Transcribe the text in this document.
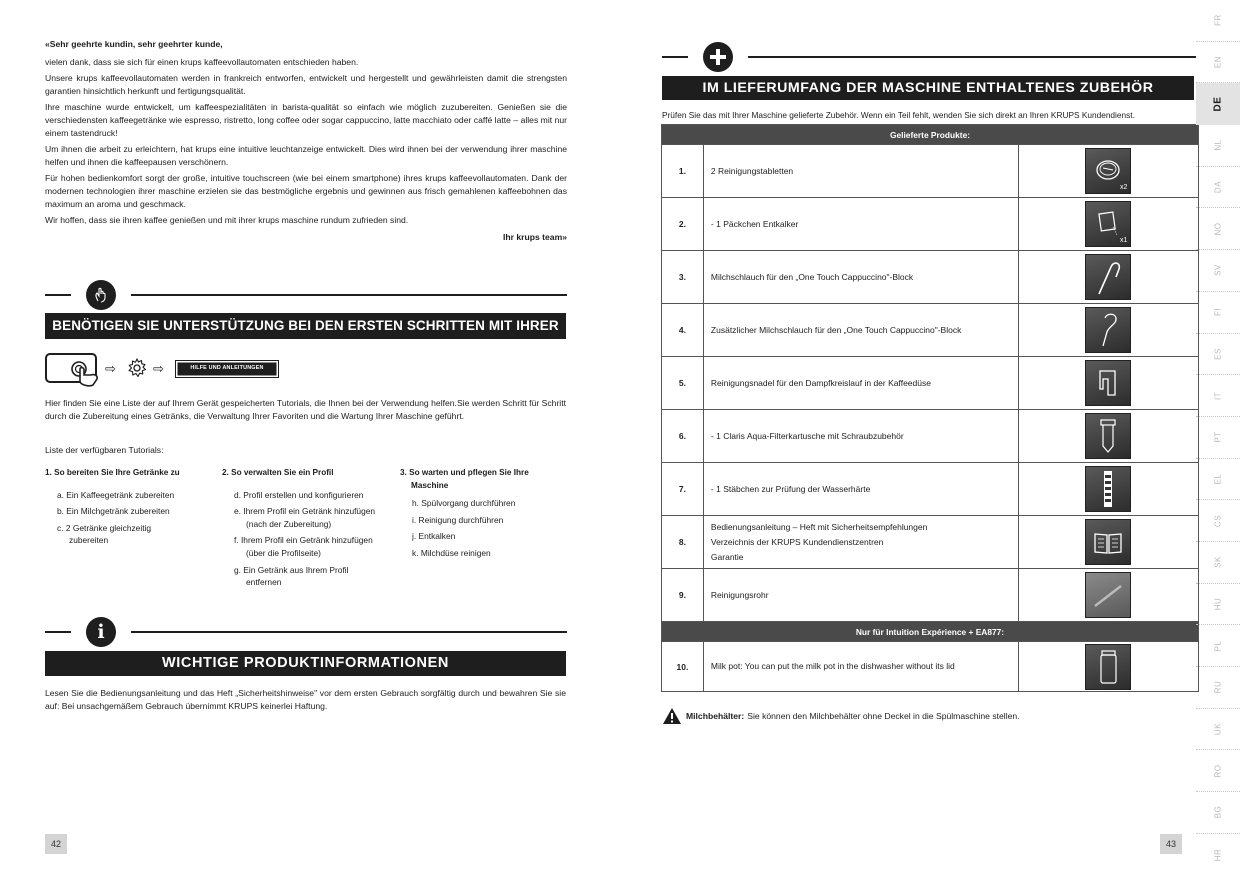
«Sehr geehrte kundin, sehr geehrter kunde,

vielen dank, dass sie sich für einen krups kaffeevollautomaten entschieden haben.

Unsere krups kaffeevollautomaten werden in frankreich entworfen, entwickelt und hergestellt und gewährleisten damit die strengsten garantien hinsichtlich herkunft und fertigungsqualität.

Ihre maschine wurde entwickelt, um kaffeespezialitäten in barista-qualität so einfach wie möglich zuzubereiten. Genießen sie die verschiedensten kaffeegetränke wie espresso, ristretto, long coffee oder sogar cappuccino, latte macchiato oder caffé latte – alles mit nur einem tastendruck!

Um ihnen die arbeit zu erleichtern, hat krups eine intuitive leuchtanzeige entwickelt. Dies wird ihnen bei der verwendung ihrer maschine helfen und ihnen die kaffeepausen verschönern.

Für hohen bedienkomfort sorgt der große, intuitive touchscreen (wie bei einem smartphone) ihres krups kaffeevollautomaten. Dank der modernen technologien ihrer maschine erzielen sie das bestmögliche ergebnis und gewinnen aus frisch gemahlenen kaffeebohnen das maximum an aroma und geschmack.

Wir hoffen, dass sie ihren kaffee genießen und mit ihrer krups maschine rundum zufrieden sind.

Ihr krups team»

BENÖTIGEN SIE UNTERSTÜTZUNG BEI DEN ERSTEN SCHRITTEN MIT IHRER MASCHINE?
⇨	⇨	HILFE UND ANLEITUNGEN
Hier finden Sie eine Liste der auf Ihrem Gerät gespeicherten Tutorials, die Ihnen bei der Verwendung helfen.Sie werden Schritt für Schritt durch die Zubereitung eines Getränks, die Verwaltung Ihrer Favoriten und die Wartung Ihrer Maschine geführt.
Liste der verfügbaren Tutorials:
1. So bereiten Sie Ihre Getränke zu
a. Ein Kaffeegetränk zubereiten
b. Ein Milchgetränk zubereiten
c. 2 Getränke gleichzeitig zubereiten
2. So verwalten Sie ein Profil
d. Profil erstellen und konfigurieren
e. Ihrem Profil ein Getränk hinzufügen (nach der Zubereitung)
f. Ihrem Profil ein Getränk hinzufügen (über die Profilseite)
g. Ein Getränk aus Ihrem Profil entfernen
3. So warten und pflegen Sie Ihre Maschine
h. Spülvorgang durchführen
i. Reinigung durchführen
j. Entkalken
k. Milchdüse reinigen
i
WICHTIGE PRODUKTINFORMATIONEN
Lesen Sie die Bedienungsanleitung und das Heft „Sicherheitshinweise" vor dem ersten Gebrauch sorgfältig durch und bewahren Sie sie auf: Bei unsachgemäßem Gebrauch übernimmt KRUPS keinerlei Haftung.
42
IM LIEFERUMFANG DER MASCHINE ENTHALTENES ZUBEHÖR
Prüfen Sie das mit Ihrer Maschine gelieferte Zubehör. Wenn ein Teil fehlt, wenden Sie sich direkt an Ihren KRUPS Kundendienst.
Gelieferte Produkte:		
1.	2 Reinigungstabletten	x2

2.	- 1 Päckchen Entkalker	x1

3.	Milchschlauch für den „One Touch Cappuccino"-Block	

4.	Zusätzlicher Milchschlauch für den „One Touch Cappuccino"-Block	

5.	Reinigungsnadel für den Dampfkreislauf in der Kaffeedüse	

6.	- 1 Claris Aqua-Filterkartusche mit Schraubzubehör	

7.	- 1 Stäbchen zur Prüfung der Wasserhärte	

8.	Bedienungsanleitung – Heft mit Sicherheitsempfehlungen
Verzeichnis der KRUPS Kundendienstzentren
Garantie

9.	Reinigungsrohr	

Nur für Intuition Expérience + EA877:		
10.	Milk pot: You can put the milk pot in the dishwasher without its lid	
Milchbehälter: Sie können den Milchbehälter ohne Deckel in die Spülmaschine stellen.
43
FR
EN
DE
NL
DA
NO
SV
FI
ES
IT
PT
EL
CS
SK
HU
PL
RU
UK
RO
BG
HR
